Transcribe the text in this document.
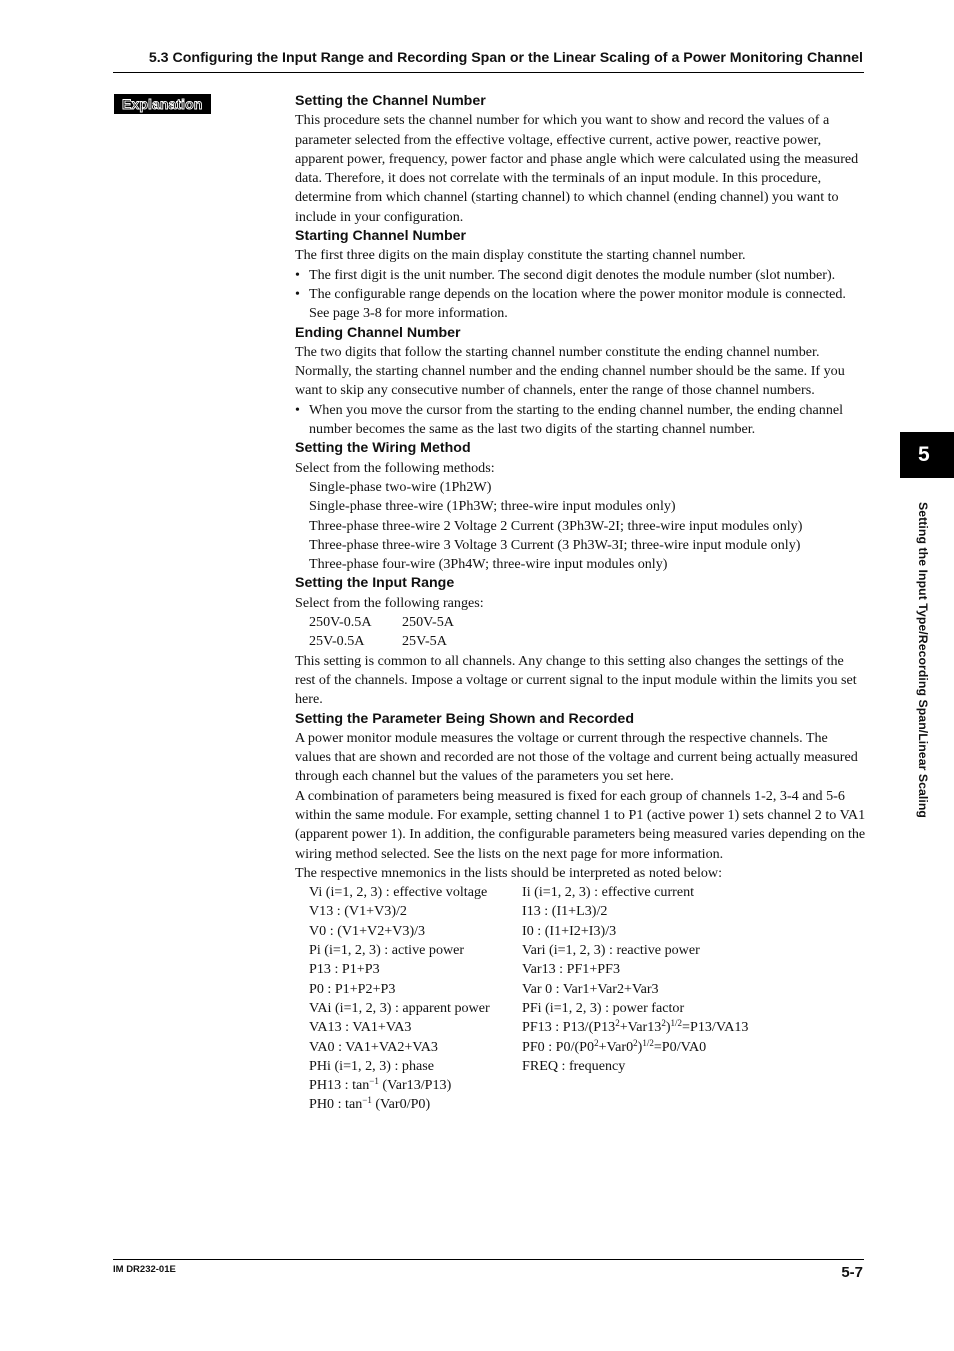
5.3 Configuring the Input Range and Recording Span or the Linear Scaling of a Power Monitoring Channel
Explanation	Setting the Channel Number
This procedure sets the channel number for which you want to show and record the values of a parameter selected from the effective voltage, effective current, active power, reactive power, apparent power, frequency, power factor and phase angle which were calculated using the measured data. Therefore, it does not correlate with the terminals of an input module. In this procedure, determine from which channel (starting channel) to which channel (ending channel) you want to include in your configuration.
Starting Channel Number
The first three digits on the main display constitute the starting channel number.
• The first digit is the unit number. The second digit denotes the module number (slot number).
• The configurable range depends on the location where the power monitor module is connected. See page 3-8 for more information.
Ending Channel Number
The two digits that follow the starting channel number constitute the ending channel number. Normally, the starting channel number and the ending channel number should be the same. If you want to skip any consecutive number of channels, enter the range of those channel numbers.
• When you move the cursor from the starting to the ending channel number, the ending channel number becomes the same as the last two digits of the starting channel number.
Setting the Wiring Method
Select from the following methods:
Single-phase two-wire (1Ph2W)
Single-phase three-wire (1Ph3W; three-wire input modules only)
Three-phase three-wire 2 Voltage 2 Current (3Ph3W-2I; three-wire input modules only)
Three-phase three-wire 3 Voltage 3 Current (3 Ph3W-3I; three-wire input module only)
Three-phase four-wire (3Ph4W; three-wire input modules only)
Setting the Input Range
Select from the following ranges:
250V-0.5A	250V-5A
25V-0.5A	25V-5A
This setting is common to all channels. Any change to this setting also changes the settings of the rest of the channels. Impose a voltage or current signal to the input module within the limits you set here.
Setting the Parameter Being Shown and Recorded
A power monitor module measures the voltage or current through the respective channels. The values that are shown and recorded are not those of the voltage and current being actually measured through each channel but the values of the parameters you set here.
A combination of parameters being measured is fixed for each group of channels 1-2, 3-4 and 5-6 within the same module. For example, setting channel 1 to P1 (active power 1) sets channel 2 to VA1 (apparent power 1). In addition, the configurable parameters being measured varies depending on the wiring method selected. See the lists on the next page for more information.
The respective mnemonics in the lists should be interpreted as noted below:
Vi (i=1, 2, 3) : effective voltage	Ii (i=1, 2, 3) : effective current
V13 : (V1+V3)/2	I13 : (I1+L3)/2
V0 : (V1+V2+V3)/3	I0 : (I1+I2+I3)/3
Pi (i=1, 2, 3) : active power	Vari (i=1, 2, 3) : reactive power
P13 : P1+P3	Var13 : PF1+PF3
P0 : P1+P2+P3	Var 0 : Var1+Var2+Var3
VAi (i=1, 2, 3) : apparent power	PFi (i=1, 2, 3) : power factor
VA13 : VA1+VA3	PF13 : $P13/(P13^2+Var13^2)^{1/2}=P13/VA13$
VA0 : VA1+VA2+VA3	PF0 : $P0/(P0^2+Var0^2)^{1/2}=P0/VA0$
PHi (i=1, 2, 3) : phase	FREQ : frequency
PH13 : $\tan^{-1} (Var13/P13)$
PH0 : $\tan^{-1} (Var0/P0)$
5
Setting the Input Type/Recording Span/Linear Scaling
IM DR232-01E	5-7
